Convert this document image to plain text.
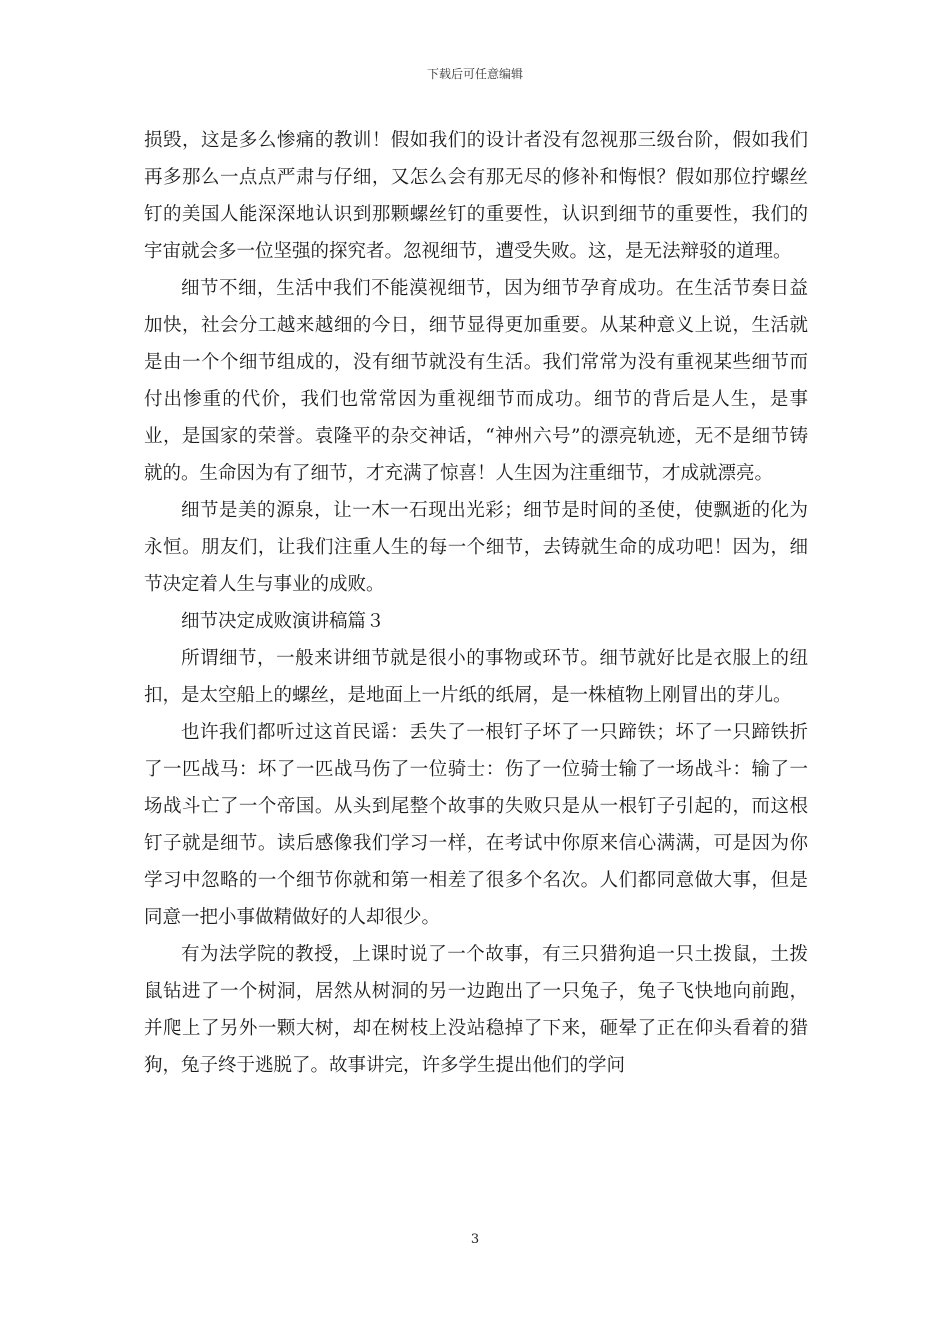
下载后可任意编辑

损毁，这是多么惨痛的教训！假如我们的设计者没有忽视那三级台阶，假如我们再多那么一点点严肃与仔细，又怎么会有那无尽的修补和悔恨？假如那位拧螺丝钉的美国人能深深地认识到那颗螺丝钉的重要性，认识到细节的重要性，我们的宇宙就会多一位坚强的探究者。忽视细节，遭受失败。这，是无法辩驳的道理。

细节不细，生活中我们不能漠视细节，因为细节孕育成功。在生活节奏日益加快，社会分工越来越细的今日，细节显得更加重要。从某种意义上说，生活就是由一个个细节组成的，没有细节就没有生活。我们常常为没有重视某些细节而付出惨重的代价，我们也常常因为重视细节而成功。细节的背后是人生，是事业，是国家的荣誉。袁隆平的杂交神话，“神州六号”的漂亮轨迹，无不是细节铸就的。生命因为有了细节，才充满了惊喜！人生因为注重细节，才成就漂亮。

细节是美的源泉，让一木一石现出光彩；细节是时间的圣使，使飘逝的化为永恒。朋友们，让我们注重人生的每一个细节，去铸就生命的成功吧！因为，细节决定着人生与事业的成败。

细节决定成败演讲稿篇３

所谓细节，一般来讲细节就是很小的事物或环节。细节就好比是衣服上的纽扣，是太空船上的螺丝，是地面上一片纸的纸屑，是一株植物上刚冒出的芽儿。

也许我们都听过这首民谣：丢失了一根钉子坏了一只蹄铁；坏了一只蹄铁折了一匹战马：坏了一匹战马伤了一位骑士：伤了一位骑士输了一场战斗：输了一场战斗亡了一个帝国。从头到尾整个故事的失败只是从一根钉子引起的，而这根钉子就是细节。读后感像我们学习一样，在考试中你原来信心满满，可是因为你学习中忽略的一个细节你就和第一相差了很多个名次。人们都同意做大事，但是同意一把小事做精做好的人却很少。

有为法学院的教授，上课时说了一个故事，有三只猎狗追一只土拨鼠，土拨鼠钻进了一个树洞，居然从树洞的另一边跑出了一只兔子，兔子飞快地向前跑，并爬上了另外一颗大树，却在树枝上没站稳掉了下来，砸晕了正在仰头看着的猎狗，兔子终于逃脱了。故事讲完，许多学生提出他们的学问

3
